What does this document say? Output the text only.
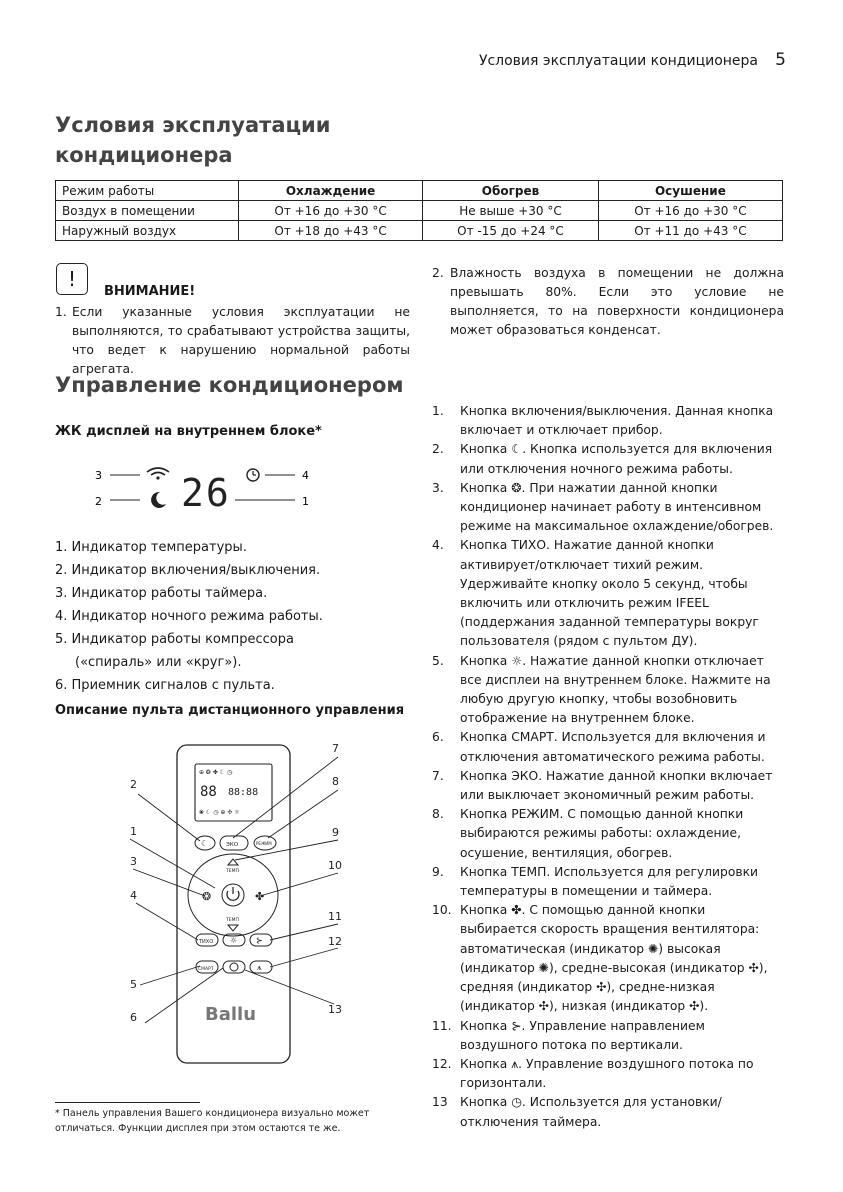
Условия эксплуатации кондиционера 5
Условия эксплуатации кондиционера
Режим работы	Охлаждение	Обогрев	Осушение
Воздух в помещении	От +16 до +30 °C	Не выше +30 °C	От +16 до +30 °C
Наружный воздух	От +18 до +43 °C	От -15 до +24 °C	От +11 до +43 °C
!
ВНИМАНИЕ!
1. Если указанные условия эксплуатации не выполняются, то срабатывают устройства защиты, что ведет к нарушению нормальной работы агрегата.

2. Влажность воздуха в помещении не должна превышать 80%. Если это условие не выполняется, то на поверхности кондиционера может образоваться конденсат.

Управление кондиционером
ЖК дисплей на внутреннем блоке*
3
2 26	4
1
1. Индикатор температуры.
2. Индикатор включения/выключения.
3. Индикатор работы таймера.
4. Индикатор ночного режима работы.
5. Индикатор работы компрессора
(«спираль» или «круг»).
6. Приемник сигналов с пульта.
Описание пульта дистанционного управления
⊕ ❂ ✤ ☾ ◷
88 88:88
❀ ☾ ◷ ⊕ ✣ ☼
☾	ЭКО	РЕЖИМ
ТЕМП
ТЕМП
❂	✤
ТИХО ☼ ⊱
СМАРТ	⩚
Ballu
2
1
3
4
5
6
7
8
9
10
11
12
13
1. Кнопка включения/выключения. Данная кнопка включает и отключает прибор.
2. Кнопка ☾. Кнопка используется для включения или отключения ночного режима работы.
3. Кнопка ❂. При нажатии данной кнопки кондиционер начинает работу в интенсивном режиме на максимальное охлаждение/обогрев.
4. Кнопка ТИХО. Нажатие данной кнопки активирует/отключает тихий режим. Удерживайте кнопку около 5 секунд, чтобы включить или отключить режим IFEEL (поддержания заданной температуры вокруг пользователя (рядом с пультом ДУ).
5. Кнопка ☼. Нажатие данной кнопки отключает все дисплеи на внутреннем блоке. Нажмите на любую другую кнопку, чтобы возобновить отображение на внутреннем блоке.
6. Кнопка СМАРТ. Используется для включения и отключения автоматического режима работы.
7. Кнопка ЭКО. Нажатие данной кнопки включает или выключает экономичный режим работы.
8. Кнопка РЕЖИМ. С помощью данной кнопки выбираются режимы работы: охлаждение, осушение, вентиляция, обогрев.
9. Кнопка ТЕМП. Используется для регулировки температуры в помещении и таймера.
10. Кнопка ✤. С помощью данной кнопки выбирается скорость вращения вентилятора: автоматическая (индикатор ✺) высокая (индикатор ✺), средне-высокая (индикатор ✣), средняя (индикатор ✣), средне-низкая (индикатор ✣), низкая (индикатор ✣).
11. Кнопка ⊱. Управление направлением воздушного потока по вертикали.
12. Кнопка ⩚. Управление воздушного потока по горизонтали.
13 Кнопка ◷. Используется для установки/отключения таймера.
* Панель управления Вашего кондиционера визуально может отличаться. Функции дисплея при этом остаются те же.
